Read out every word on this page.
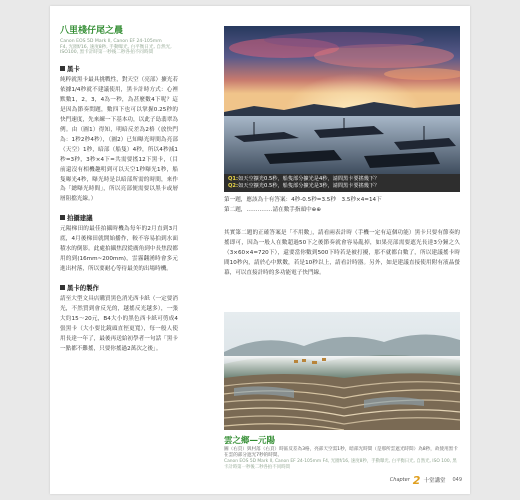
八里棧仔尾之晨
Canon EOS 5D Mark II, Canon EF 24-105mm
F4, 光圈f/16, 速度8秒, 手動曝光, 白平衡日光, 自然光,
ISO100, 黑卡計時第一秒後二秒各拍不同時間
黑卡
純粹就黑卡最具挑戰性，對天空（亮部）擴光若依據1/4秒就不建議使用，黑卡計時方式：心裡默數1，2，3，4為一秒，為甚麼數4下呢？這是因為節奏問題，數四下也可以掌握0.25秒的快門速度，先來練一下基本功，以此子島翡翠為例。由（圖1）得知，明暗反差為2格（放快門為：1秒2秒4秒），（圖2）已知曝光時間為亮部（天空）1秒，暗部（船隻）4秒，所以4秒減1秒=3秒，3秒×4下=共需要搖12下黑卡，（目前還沒有相機趣明到可以天空1秒曝光1秒，船隻曝光4秒，曝光時是以暗部所需的時間，來作為「總曝光時間」，所以亮部便需要以黑卡或層層阻擋光線。）
拍攝建議
元陽梯田的最佳拍攝時機為每年的2月直到3月底，4月後梯田就開始播作，較不容易拍到水面積水的倒影。此處拍攝焦段從廣角到中長焦段都用的到(16mm~200mm)，雲霧翻湧時會多元進出村落，所以要耐心等待最美的出場時機。
黑卡的製作
請至大型文具店購買黑色消光西卡紙（一定要消光，不然質到會反光的，越搖反光越多），一張大約15～20元，B4大小的黑色西卡紙可剪成4張黑卡（大小要比鏡頭直徑更寬），每一般人使用長達一年了，最後再送給初學者一句話「黑卡一點都不難搖，只要你搖過2萬次之後」。
Q1:如天空擴光0.5秒，船隻部分擴光是4秒，請問黑卡要搖幾下？
Q2:如天空擴光0.5秒，船隻部分擴光是3秒，請問黑卡要搖幾下？
第一題，應該為十有答案：4秒-0.5秒=3.5秒　3.5秒×4=14下
第二題，‥‥‥‥‥‥‥請在數手指頭中⊕⊕
其實第二題的正確答案是「不用數」，請看兩表計時（手機一定有這個功能）黑卡只要有節奏的搖即可，因為一般人在數超過50下之後節奏就會容易亂掉，如果亮部需要遮光長達3分鐘之久（3×60×4=720下），還要當你數到500下時若是被打擾，那不就都白數了，所以建議搖卡時間10秒內，請於心中默數，若是10秒以上，請看計時器。另外，如是建議直接使用附有液晶螢幕，可以直接計時的多功能電子快門線。
雲之鄉—元陽
圖（右頁）與村落（右頁）時區反差為3格，亮部天空需1秒，暗部光時間（是那所雲遮光時間）為8秒，故使用黑卡在雲的部分遮光7秒的時間。
Canon EOS 5D Mark II, Canon EF 24-105mm F4, 光圈f/16, 速度8秒，手動曝光, 白平衡日光, 自然光, ISO 100, 黑卡計時第一秒後二秒各拍不同時間
Chapter 2 十堂講堂 049
